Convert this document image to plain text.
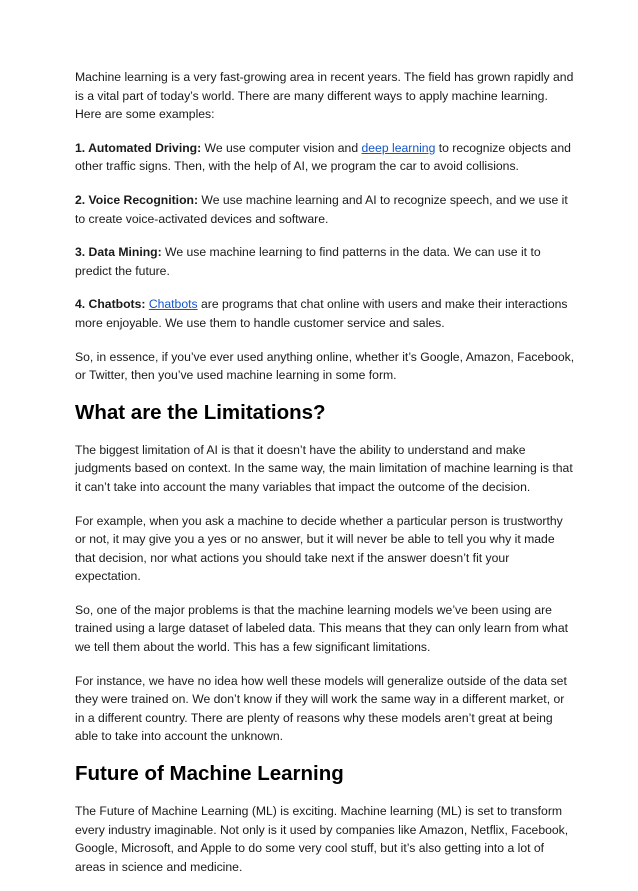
Machine learning is a very fast-growing area in recent years. The field has grown rapidly and is a vital part of today’s world. There are many different ways to apply machine learning. Here are some examples:

1. Automated Driving: We use computer vision and deep learning to recognize objects and other traffic signs. Then, with the help of AI, we program the car to avoid collisions.

2. Voice Recognition: We use machine learning and AI to recognize speech, and we use it to create voice-activated devices and software.

3. Data Mining: We use machine learning to find patterns in the data. We can use it to predict the future.

4. Chatbots: Chatbots are programs that chat online with users and make their interactions more enjoyable. We use them to handle customer service and sales.

So, in essence, if you’ve ever used anything online, whether it’s Google, Amazon, Facebook, or Twitter, then you’ve used machine learning in some form.

What are the Limitations?

The biggest limitation of AI is that it doesn’t have the ability to understand and make judgments based on context. In the same way, the main limitation of machine learning is that it can’t take into account the many variables that impact the outcome of the decision.

For example, when you ask a machine to decide whether a particular person is trustworthy or not, it may give you a yes or no answer, but it will never be able to tell you why it made that decision, nor what actions you should take next if the answer doesn’t fit your expectation.

So, one of the major problems is that the machine learning models we’ve been using are trained using a large dataset of labeled data. This means that they can only learn from what we tell them about the world. This has a few significant limitations.

For instance, we have no idea how well these models will generalize outside of the data set they were trained on. We don’t know if they will work the same way in a different market, or in a different country. There are plenty of reasons why these models aren’t great at being able to take into account the unknown.

Future of Machine Learning

The Future of Machine Learning (ML) is exciting. Machine learning (ML) is set to transform every industry imaginable. Not only is it used by companies like Amazon, Netflix, Facebook, Google, Microsoft, and Apple to do some very cool stuff, but it’s also getting into a lot of areas in science and medicine.
